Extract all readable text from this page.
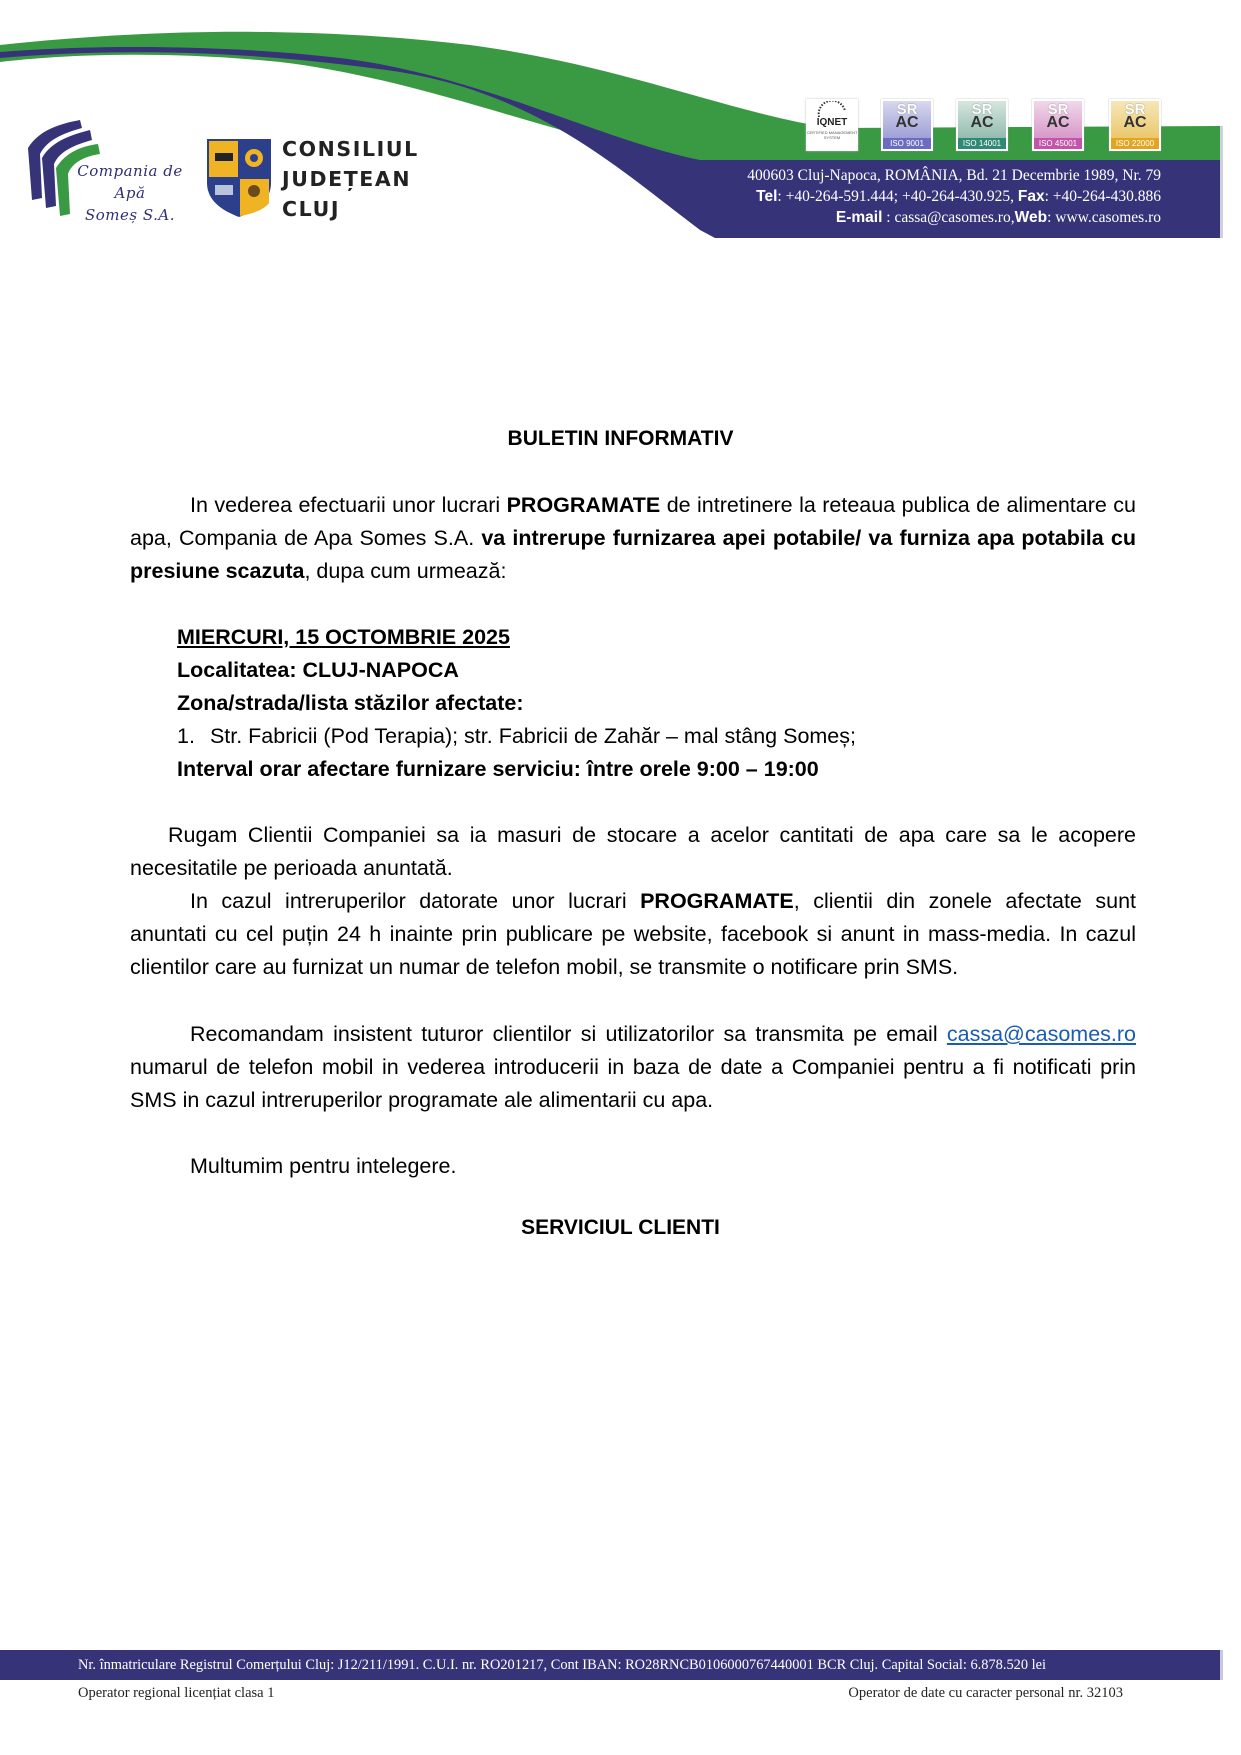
Compania de Apă
Someș S.A.
CONSILIUL
JUDEȚEAN
CLUJ
IQNET
CERTIFIED MANAGEMENT SYSTEM
SR
AC
ISO 9001
SR
AC
ISO 14001
SR
AC
ISO 45001
SR
AC
ISO 22000
400603 Cluj-Napoca, ROMÂNIA, Bd. 21 Decembrie 1989, Nr. 79
Tel: +40-264-591.444; +40-264-430.925, Fax: +40-264-430.886
E-mail : cassa@casomes.ro,Web: www.casomes.ro
BULETIN INFORMATIV
In vederea efectuarii unor lucrari PROGRAMATE de intretinere la reteaua publica de alimentare cu apa, Compania de Apa Somes S.A. va intrerupe furnizarea apei potabile/ va furniza apa potabila cu presiune scazuta, dupa cum urmează:
MIERCURI, 15 OCTOMBRIE 2025
Localitatea: CLUJ-NAPOCA
Zona/strada/lista stăzilor afectate:
1. Str. Fabricii (Pod Terapia); str. Fabricii de Zahăr – mal stâng Someș;
Interval orar afectare furnizare serviciu: între orele 9:00 – 19:00
Rugam Clientii Companiei sa ia masuri de stocare a acelor cantitati de apa care sa le acopere necesitatile pe perioada anuntată.
In cazul intreruperilor datorate unor lucrari PROGRAMATE, clientii din zonele afectate sunt anuntati cu cel puțin 24 h inainte prin publicare pe website, facebook si anunt in mass-media. In cazul clientilor care au furnizat un numar de telefon mobil, se transmite o notificare prin SMS.
Recomandam insistent tuturor clientilor si utilizatorilor sa transmita pe email cassa@casomes.ro numarul de telefon mobil in vederea introducerii in baza de date a Companiei pentru a fi notificati prin SMS in cazul intreruperilor programate ale alimentarii cu apa.
Multumim pentru intelegere.
SERVICIUL CLIENTI
Nr. înmatriculare Registrul Comerțului Cluj: J12/211/1991. C.U.I. nr. RO201217, Cont IBAN: RO28RNCB0106000767440001 BCR Cluj. Capital Social: 6.878.520 lei
Operator regional licențiat clasa 1	Operator de date cu caracter personal nr. 32103
